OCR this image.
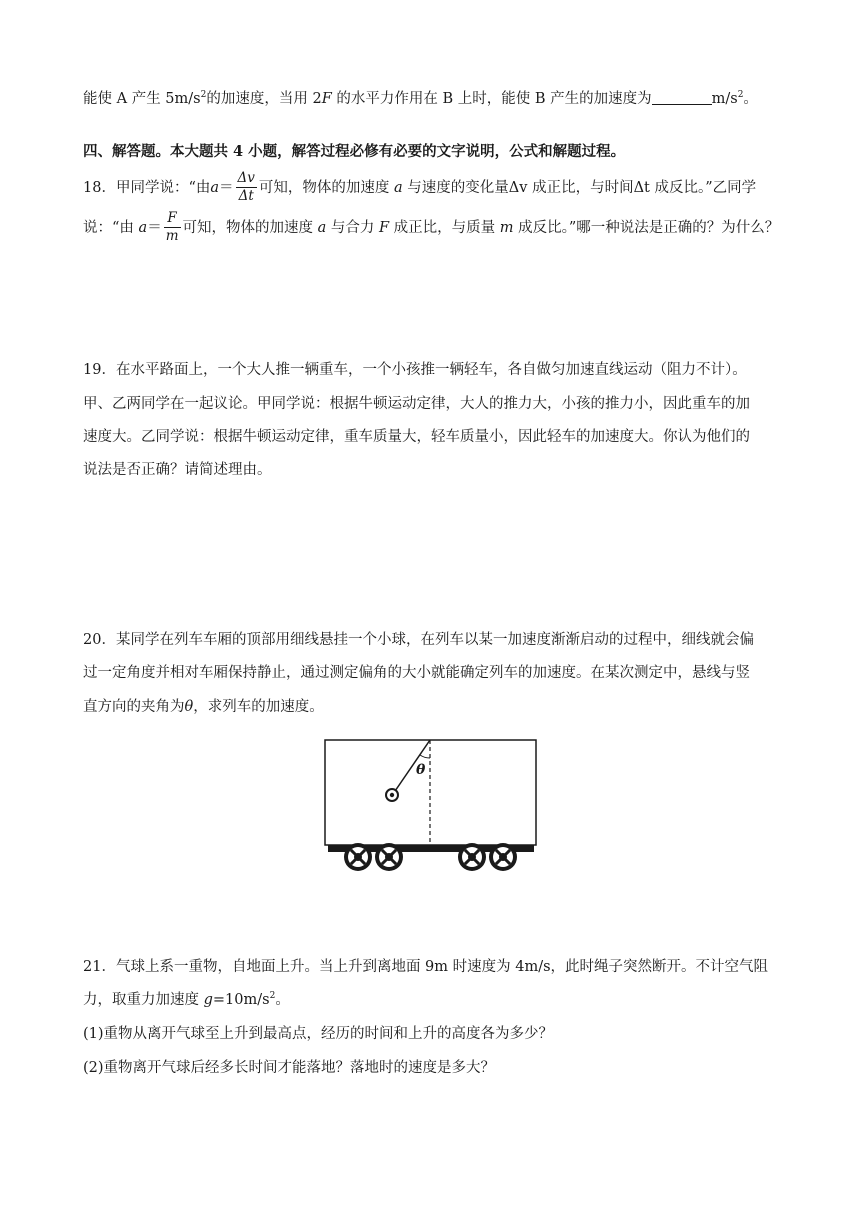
能使 A 产生 $5m/s^2$的加速度，当用 2F 的水平力作用在 B 上时，能使 B 产生的加速度为	$m/s^2$。
四、解答题。本大题共 4 小题，解答过程必修有必要的文字说明，公式和解题过程。
18．甲同学说：“由$a= \frac{\Delta v}{\Delta t}$ 可知，物体的加速度 a 与速度的变化量Δv 成正比，与时间Δt 成反比。”乙同学
说：“由 $a= \frac{F}{m}$ 可知，物体的加速度 a 与合力 F 成正比，与质量 m 成反比。”哪一种说法是正确的？为什么？
19．在水平路面上，一个大人推一辆重车，一个小孩推一辆轻车，各自做匀加速直线运动（阻力不计）。
甲、乙两同学在一起议论。甲同学说：根据牛顿运动定律，大人的推力大，小孩的推力小，因此重车的加
速度大。乙同学说：根据牛顿运动定律，重车质量大，轻车质量小，因此轻车的加速度大。你认为他们的
说法是否正确？请简述理由。
20．某同学在列车车厢的顶部用细线悬挂一个小球，在列车以某一加速度渐渐启动的过程中，细线就会偏
过一定角度并相对车厢保持静止，通过测定偏角的大小就能确定列车的加速度。在某次测定中，悬线与竖
直方向的夹角为θ，求列车的加速度。
θ
21．气球上系一重物，自地面上升。当上升到离地面 9m 时速度为 4m/s，此时绳子突然断开。不计空气阻
力，取重力加速度 $g=10m/s^2$。
(1)重物从离开气球至上升到最高点，经历的时间和上升的高度各为多少？
(2)重物离开气球后经多长时间才能落地？落地时的速度是多大？
